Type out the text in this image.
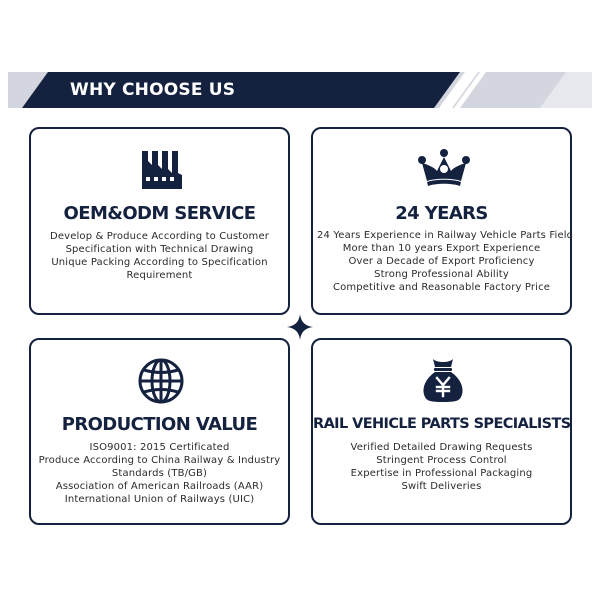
WHY CHOOSE US
OEM&ODM SERVICE
Develop & Produce According to Customer
Specification with Technical Drawing
Unique Packing According to Specification
Requirement
24 YEARS
24 Years Experience in Railway Vehicle Parts Field
More than 10 years Export Experience
Over a Decade of Export Proficiency
Strong Professional Ability
Competitive and Reasonable Factory Price
PRODUCTION VALUE
ISO9001: 2015 Certificated
Produce According to China Railway & Industry
Standards (TB/GB)
Association of American Railroads (AAR)
International Union of Railways (UIC)
RAIL VEHICLE PARTS SPECIALISTS
Verified Detailed Drawing Requests
Stringent Process Control
Expertise in Professional Packaging
Swift Deliveries
